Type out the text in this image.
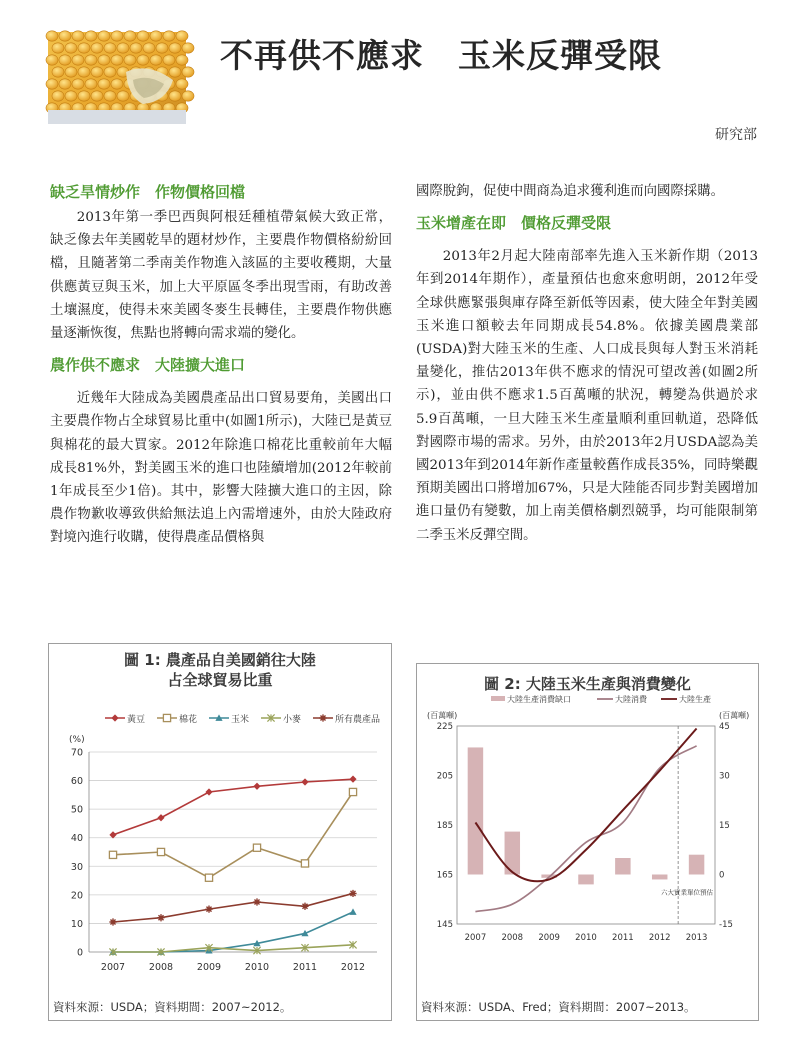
不再供不應求　玉米反彈受限
研究部
缺乏旱情炒作　作物價格回檔

2013年第一季巴西與阿根廷種植帶氣候大致正常，缺乏像去年美國乾旱的題材炒作，主要農作物價格紛紛回檔，且隨著第二季南美作物進入該區的主要收穫期，大量供應黃豆與玉米，加上大平原區冬季出現雪雨，有助改善土壤濕度，使得未來美國冬麥生長轉佳，主要農作物供應量逐漸恢復，焦點也將轉向需求端的變化。

農作供不應求　大陸擴大進口

近幾年大陸成為美國農產品出口貿易要角，美國出口主要農作物占全球貿易比重中(如圖1所示)，大陸已是黃豆與棉花的最大買家。2012年除進口棉花比重較前年大幅成長81%外，對美國玉米的進口也陸續增加(2012年較前1年成長至少1倍)。其中，影響大陸擴大進口的主因，除農作物歉收導致供給無法追上內需增速外，由於大陸政府對境內進行收購，使得農產品價格與

國際脫鉤，促使中間商為追求獲利進而向國際採購。

玉米增產在即　價格反彈受限

2013年2月起大陸南部率先進入玉米新作期（2013年到2014年期作），產量預估也愈來愈明朗，2012年受全球供應緊張與庫存降至新低等因素，使大陸全年對美國玉米進口額較去年同期成長54.8%。依據美國農業部(USDA)對大陸玉米的生產、人口成長與每人對玉米消耗量變化，推估2013年供不應求的情況可望改善(如圖2所示)，並由供不應求1.5百萬噸的狀況，轉變為供過於求5.9百萬噸，一旦大陸玉米生產量順利重回軌道，恐降低對國際市場的需求。另外，由於2013年2月USDA認為美國2013年到2014年新作產量較舊作成長35%，同時樂觀預期美國出口將增加67%，只是大陸能否同步對美國增加進口量仍有變數，加上南美價格劇烈競爭，均可能限制第二季玉米反彈空間。

圖 1: 農產品自美國銷往大陸
占全球貿易比重
黃豆	棉花	玉米	小麥	所有農產品
(%)
0
10
20
30
40
50
60
70
2007	2008	2009	2010	2011	2012
資料來源：USDA；資料期間：2007~2012。
圖 2: 大陸玉米生產與消費變化
大陸生產消費缺口	大陸消費	大陸生產
(百萬噸)	(百萬噸)
145
165
185
205
225
-15
0
15
30
45
2007 2008 2009 2010 2011 2012 2013
六大實業單位預估
資料來源：USDA、Fred；資料期間：2007~2013。
